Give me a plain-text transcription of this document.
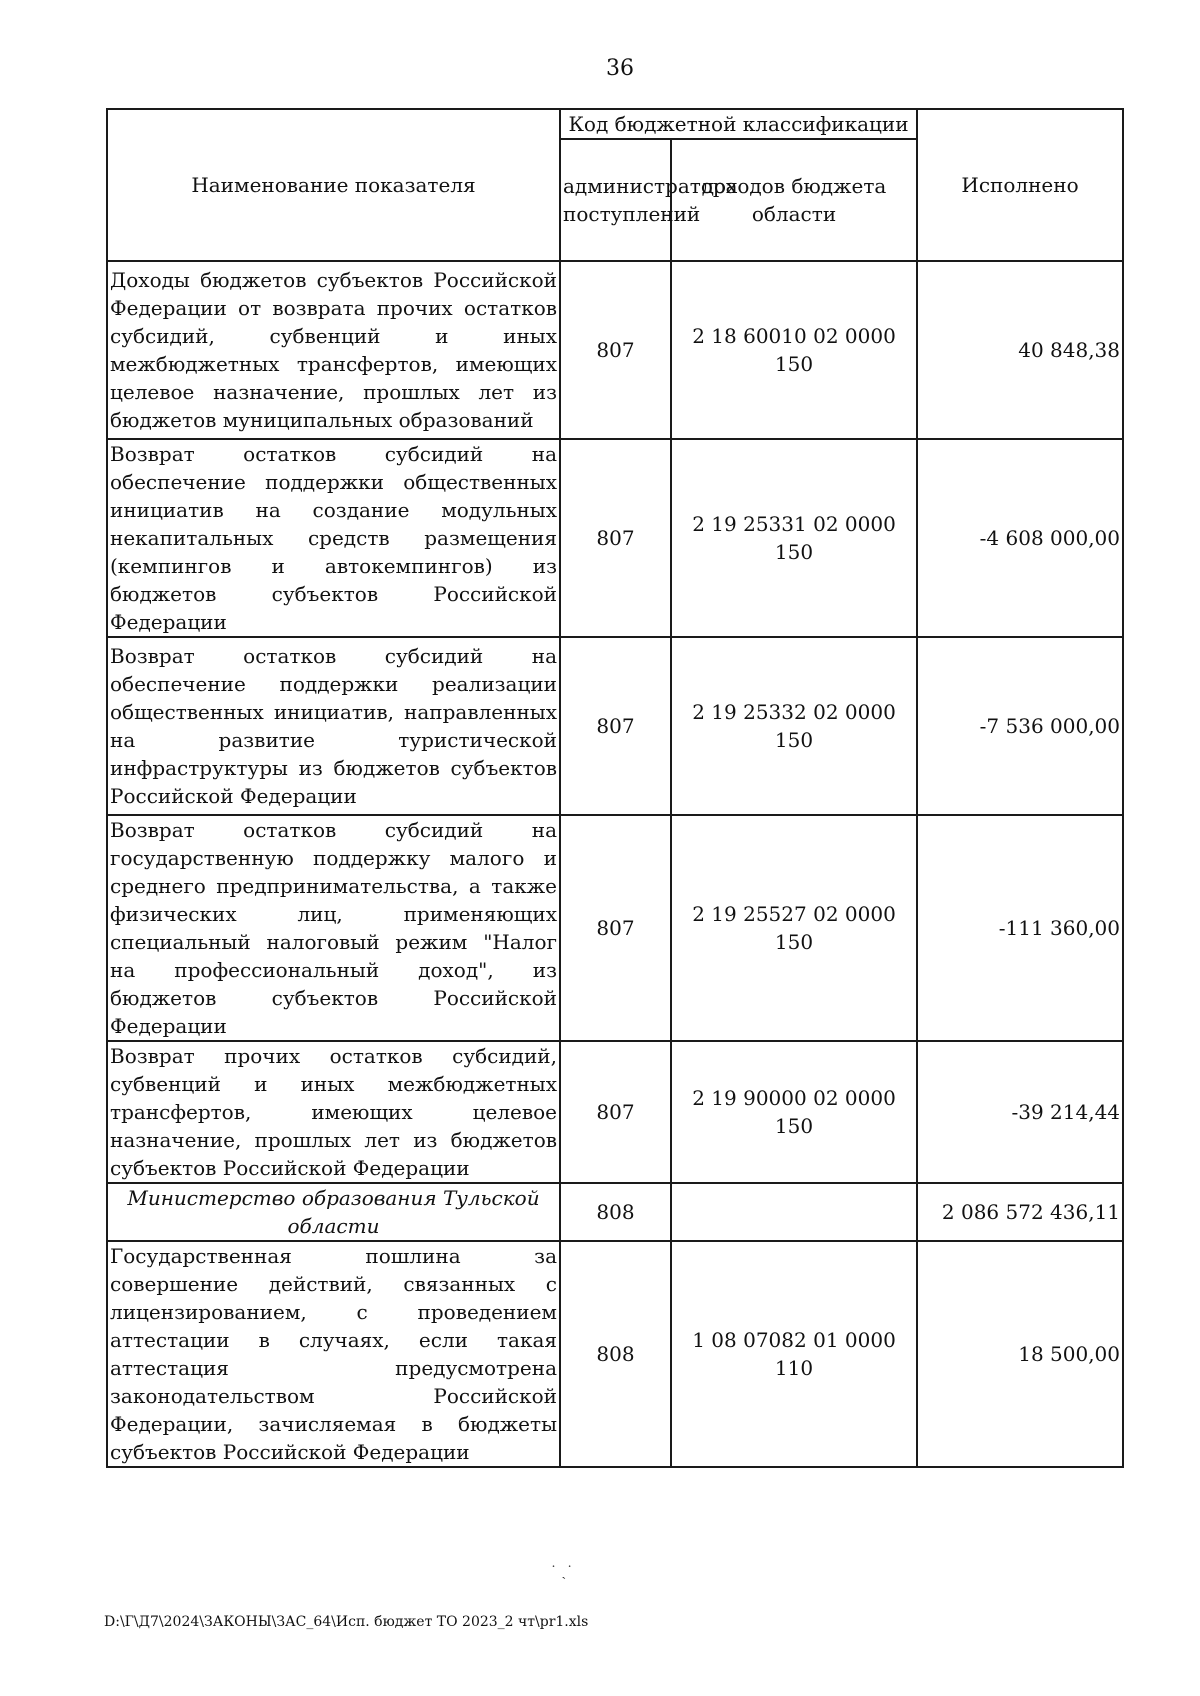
36
Наименование показателя	Код бюджетной классификации		Исполнено
	администратора поступлений	доходов бюджета области	
Доходы бюджетов субъектов Российской Федерации от возврата прочих остатков субсидий, субвенций и иных межбюджетных трансфертов, имеющих целевое назначение, прошлых лет из бюджетов муниципальных образований	807	2 18 60010 02 0000 150	40 848,38
Возврат остатков субсидий на обеспечение поддержки общественных инициатив на создание модульных некапитальных средств размещения (кемпингов и автокемпингов) из бюджетов субъектов Российской Федерации	807	2 19 25331 02 0000 150	-4 608 000,00
Возврат остатков субсидий на обеспечение поддержки реализации общественных инициатив, направленных на развитие туристической инфраструктуры из бюджетов субъектов Российской Федерации	807	2 19 25332 02 0000 150	-7 536 000,00
Возврат остатков субсидий на государственную поддержку малого и среднего предпринимательства, а также физических лиц, применяющих специальный налоговый режим "Налог на профессиональный доход", из бюджетов субъектов Российской Федерации	807	2 19 25527 02 0000 150	-111 360,00
Возврат прочих остатков субсидий, субвенций и иных межбюджетных трансфертов, имеющих целевое назначение, прошлых лет из бюджетов субъектов Российской Федерации	807	2 19 90000 02 0000 150	-39 214,44
Министерство образования Тульской области	808		2 086 572 436,11
Государственная пошлина за совершение действий, связанных с лицензированием, с проведением аттестации в случаях, если такая аттестация предусмотрена законодательством Российской Федерации, зачисляемая в бюджеты субъектов Российской Федерации	808	1 08 07082 01 0000 110	18 500,00
˙ ˏ˙
D:\Г\Д7\2024\ЗАКОНЫ\ЗАС_64\Исп. бюджет ТО 2023_2 чт\pr1.xls
